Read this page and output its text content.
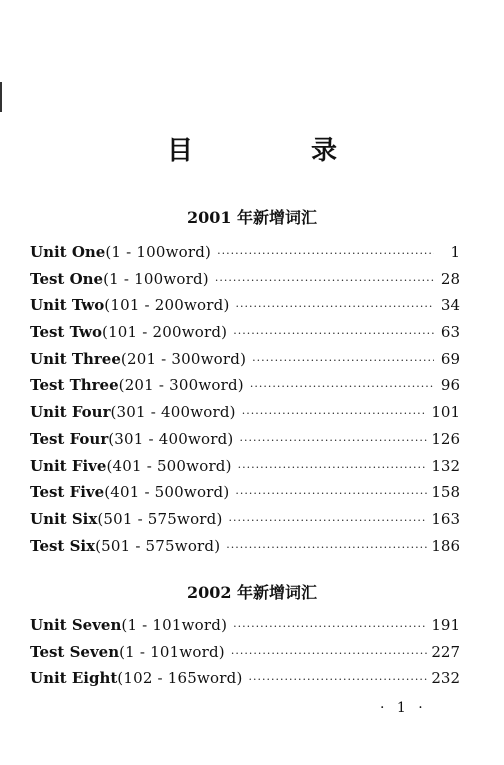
目　录
2001 年新增词汇
Unit One (1 - 100word) ·····	1
Test One (1 - 100word) ·····	28
Unit Two (101 - 200word) ·····	34
Test Two (101 - 200word) ·····	63
Unit Three (201 - 300word) ·····	69
Test Three (201 - 300word) ·····	96
Unit Four (301 - 400word) ·····	101
Test Four (301 - 400word) ·····	126
Unit Five (401 - 500word) ·····	132
Test Five (401 - 500word) ·····	158
Unit Six (501 - 575word) ·····	163
Test Six (501 - 575word) ·····	186
2002 年新增词汇
Unit Seven (1 - 101word) ·····	191
Test Seven (1 - 101word) ·····	227
Unit Eight (102 - 165word) ·····	232
· 1 ·
